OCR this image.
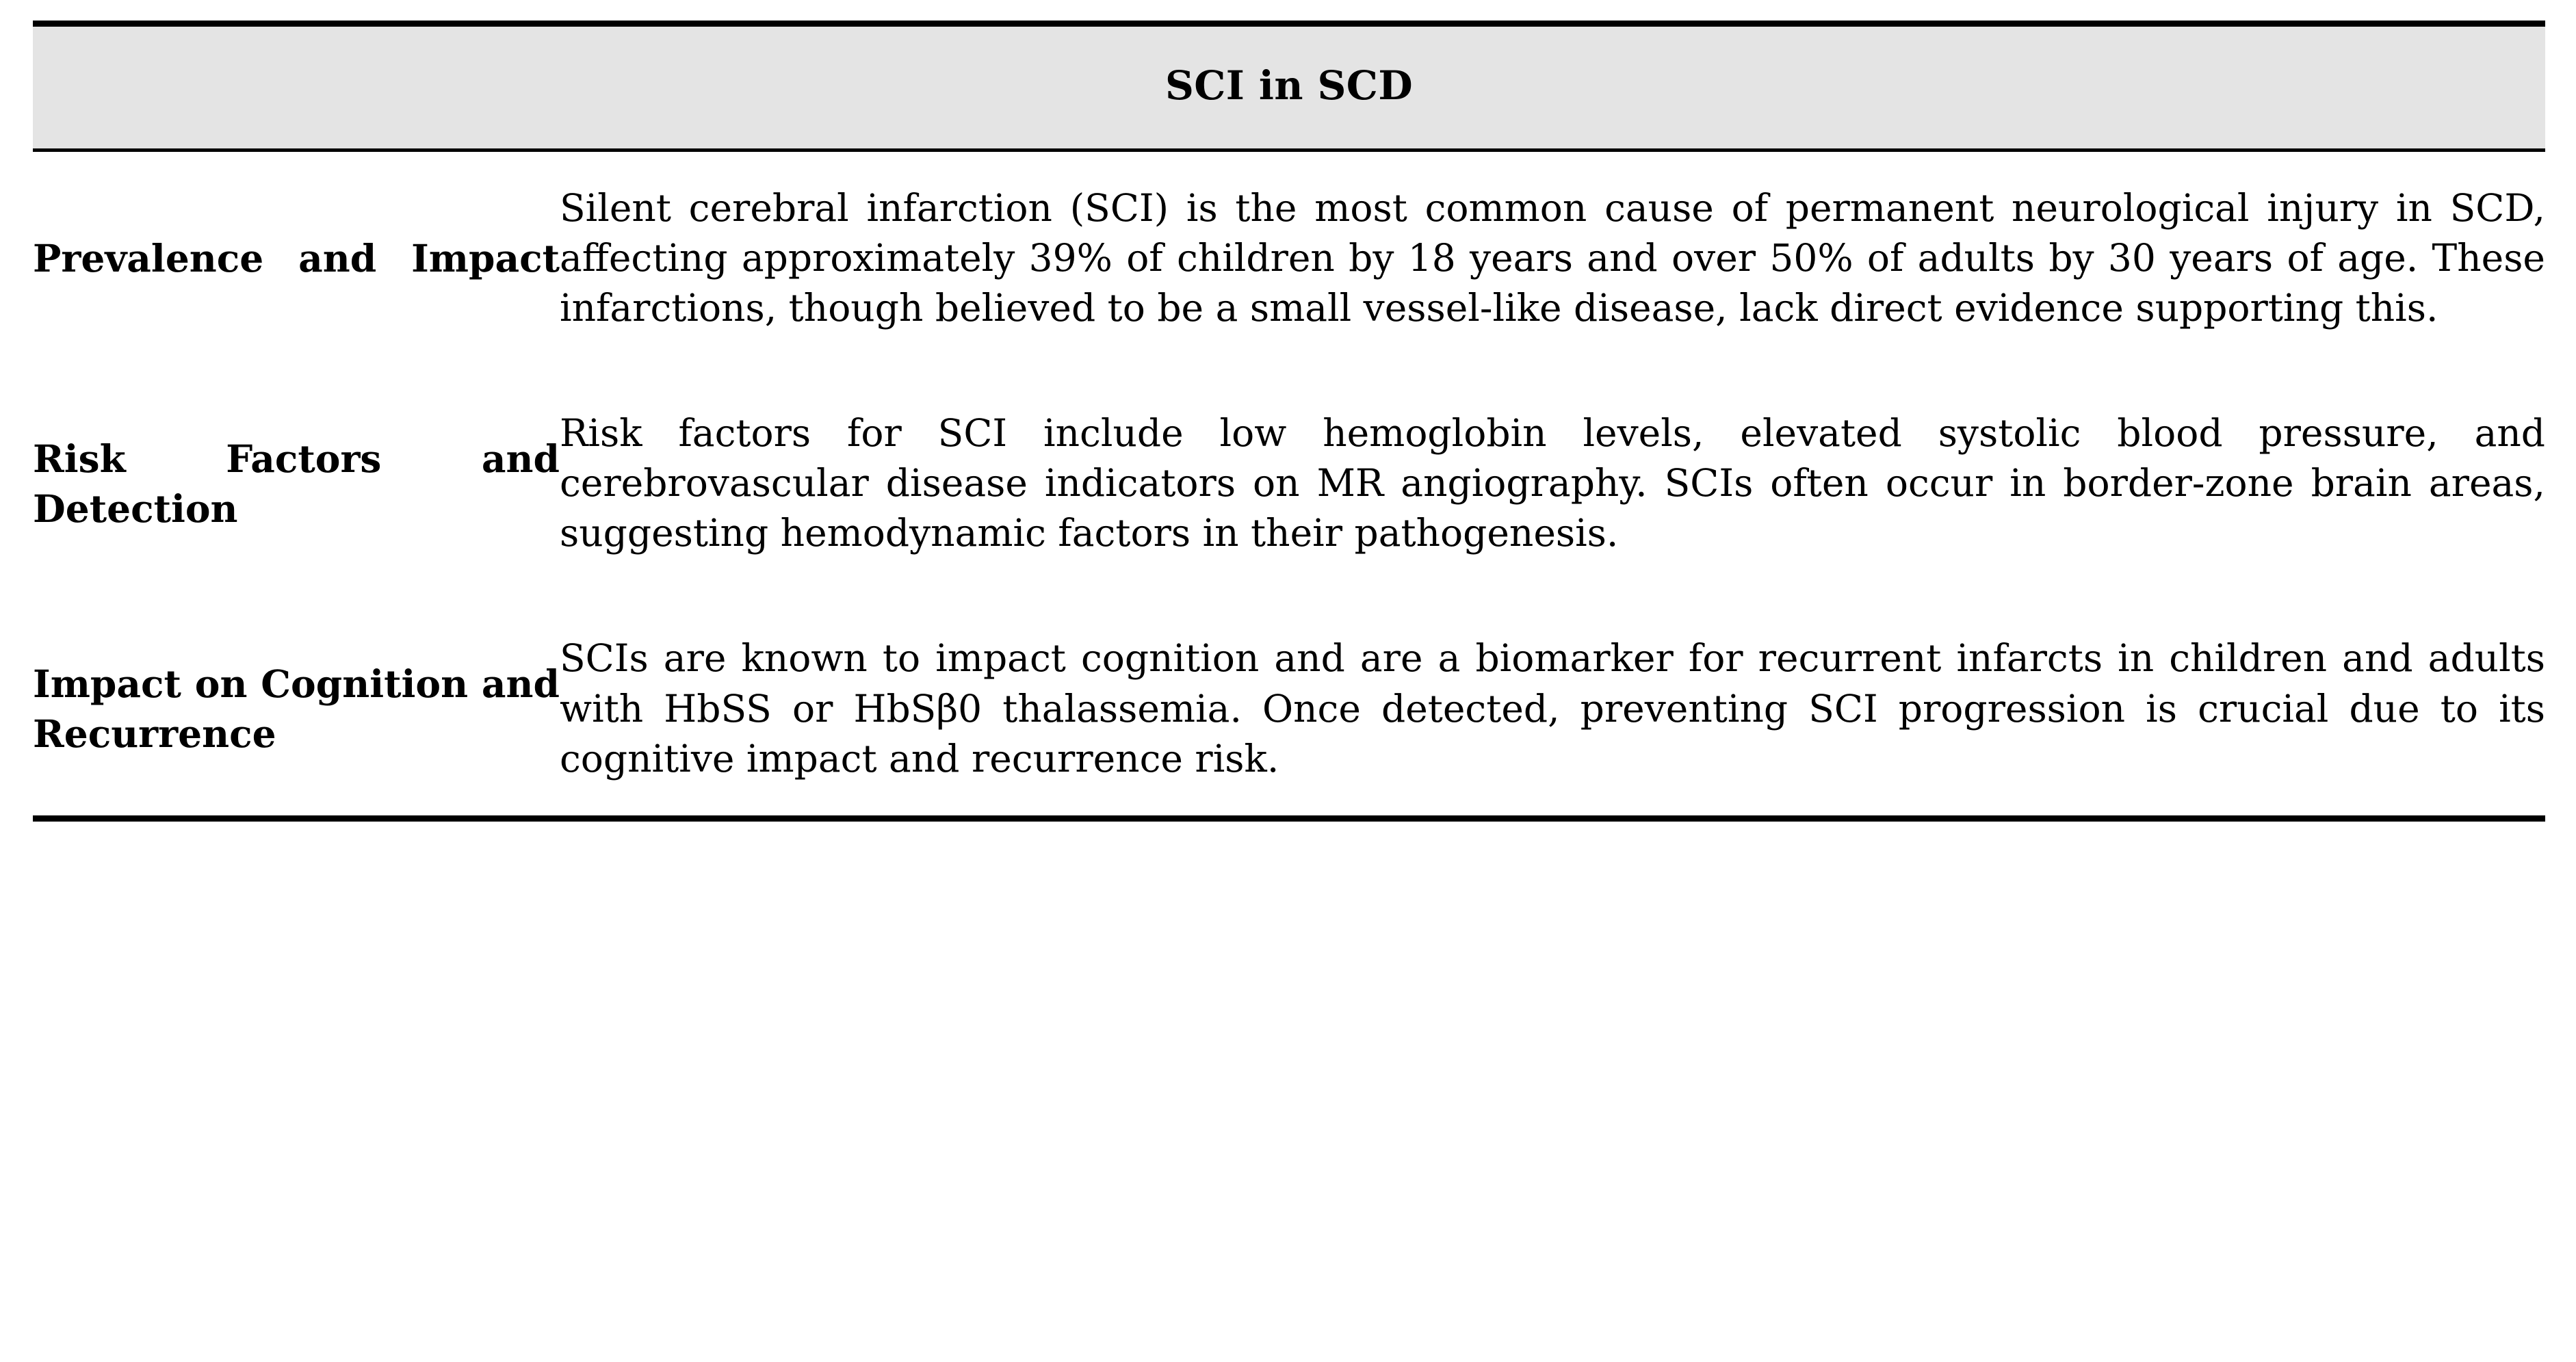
SCI in SCD	

Prevalence and Impact	Silent cerebral infarction (SCI) is the most common cause of permanent neurological injury in SCD, affecting approximately 39% of children by 18 years and over 50% of adults by 30 years of age. These infarctions, though believed to be a small vessel-like disease, lack direct evidence supporting this.

Risk Factors and Detection	Risk factors for SCI include low hemoglobin levels, elevated systolic blood pressure, and cerebrovascular disease indicators on MR angiography. SCIs often occur in border-zone brain areas, suggesting hemodynamic factors in their pathogenesis.

Impact on Cognition and Recurrence	SCIs are known to impact cognition and are a biomarker for recurrent infarcts in children and adults with HbSS or HbSβ0 thalassemia. Once detected, preventing SCI progression is crucial due to its cognitive impact and recurrence risk.
